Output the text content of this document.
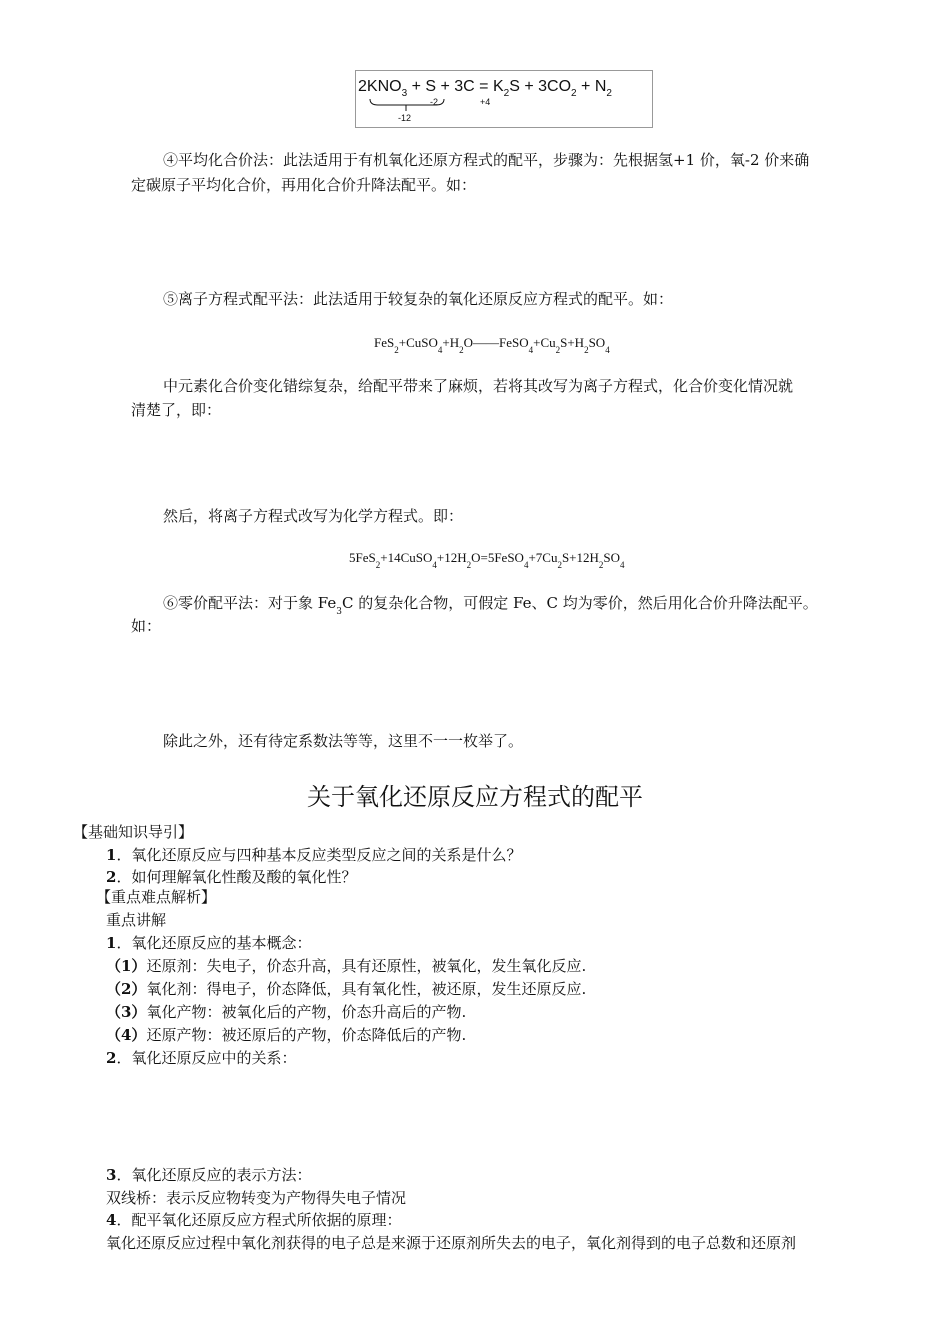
$2KNO_3 + S + 3C = K_2S + 3CO_2 + N_2$
-2	+4
-12
④平均化合价法：此法适用于有机氧化还原方程式的配平，步骤为：先根据氢+1 价，氧-2 价来确
定碳原子平均化合价，再用化合价升降法配平。如：
⑤离子方程式配平法：此法适用于较复杂的氧化还原反应方程式的配平。如：
$FeS_2+CuSO_4+H_2O——FeSO_4+Cu_2S+H_2SO_4$
中元素化合价变化错综复杂，给配平带来了麻烦，若将其改写为离子方程式，化合价变化情况就
清楚了，即：
然后，将离子方程式改写为化学方程式。即：
$5FeS_2+14CuSO_4+12H_2O=5FeSO_4+7Cu_2S+12H_2SO_4$
⑥零价配平法：对于象 $Fe_3C$ 的复杂化合物，可假定 Fe、C 均为零价，然后用化合价升降法配平。
如：
除此之外，还有待定系数法等等，这里不一一枚举了。
关于氧化还原反应方程式的配平
【基础知识导引】
1．氧化还原反应与四种基本反应类型反应之间的关系是什么？
2．如何理解氧化性酸及酸的氧化性？
【重点难点解析】
重点讲解
1．氧化还原反应的基本概念：
（1）还原剂：失电子，价态升高，具有还原性，被氧化，发生氧化反应.
（2）氧化剂：得电子，价态降低，具有氧化性，被还原，发生还原反应.
（3）氧化产物：被氧化后的产物，价态升高后的产物.
（4）还原产物：被还原后的产物，价态降低后的产物.
2．氧化还原反应中的关系：
3．氧化还原反应的表示方法：
双线桥：表示反应物转变为产物得失电子情况
4．配平氧化还原反应方程式所依据的原理：
氧化还原反应过程中氧化剂获得的电子总是来源于还原剂所失去的电子，氧化剂得到的电子总数和还原剂
